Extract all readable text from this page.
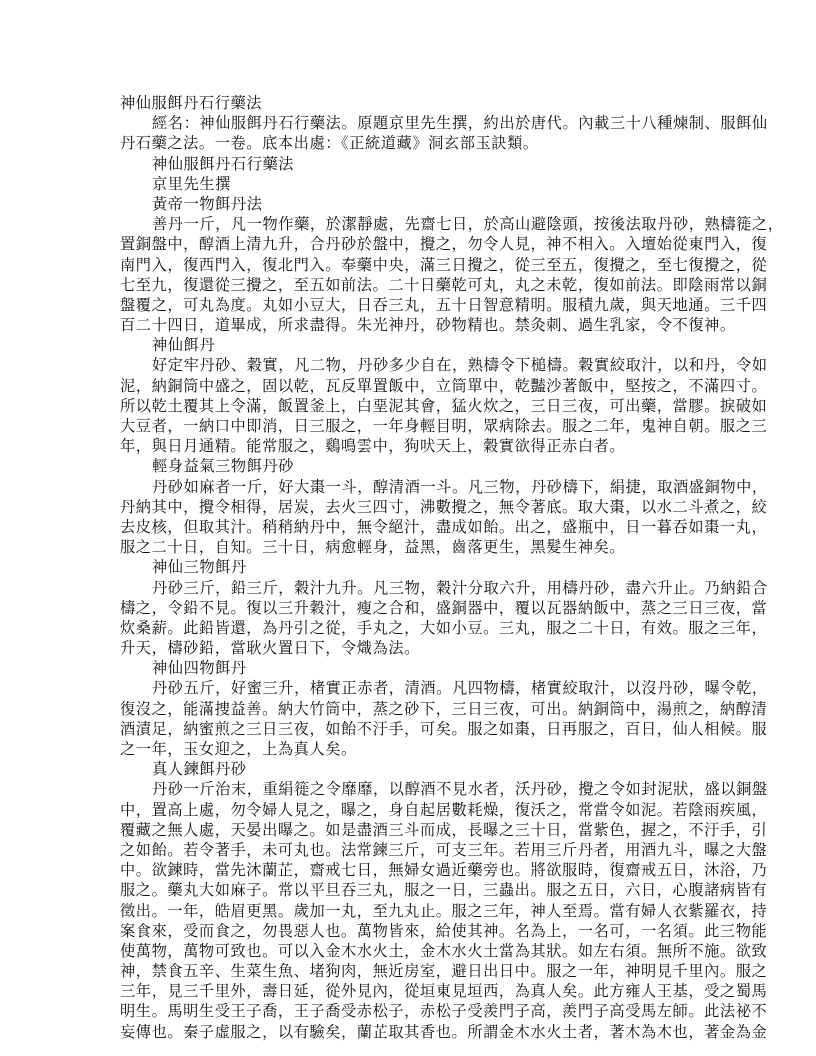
神仙服餌丹石行藥法
經名：神仙服餌丹石行藥法。原題京里先生撰，約出於唐代。內載三十八種煉制、服餌仙
丹石藥之法。一卷。底本出處：《正統道藏》洞玄部玉訣類。
神仙服餌丹石行藥法
京里先生撰
黃帝一物餌丹法
善丹一斤，凡一物作藥，於潔靜處，先齋七日，於高山避陰頭，按後法取丹砂，熟檮簁之，
置銅盤中，醇酒上清九升，合丹砂於盤中，攪之，勿令人見，神不相入。入壇始從東門入，復
南門入，復西門入，復北門入。奉藥中央，滿三日攪之，從三至五，復攪之，至七復攪之，從
七至九，復還從三攪之，至五如前法。二十日藥乾可丸，丸之未乾，復如前法。即陰雨常以銅
盤覆之，可丸為度。丸如小豆大，日吞三丸，五十日智意精明。服積九歲，與天地通。三千四
百二十四日，道畢成，所求盡得。朱光神丹，砂物精也。禁灸刺、過生乳家，令不復神。
神仙餌丹
好定牢丹砂、穀實，凡二物，丹砂多少自在，熟檮令下槌檮。穀實絞取汁，以和丹，令如
泥，納銅筒中盛之，固以乾，瓦反單置飯中，立筒單中，乾豔沙著飯中，堅按之，不滿四寸。
所以乾土覆其上令滿，飯置釜上，白堊泥其會，猛火炊之，三日三夜，可出藥，當膠。捩破如
大豆者，一納口中即消，日三服之，一年身輕目明，眾病除去。服之二年，鬼神自朝。服之三
年，與日月通精。能常服之，鷄鳴雲中，狗吠天上，穀實欲得正赤白者。
輕身益氣三物餌丹砂
丹砂如麻者一斤，好大棗一斗，醇清酒一斗。凡三物，丹砂檮下，絹捷，取酒盛銅物中，
丹納其中，攪令相得，居炭，去火三四寸，沸數攪之，無令著底。取大棗，以水二斗煮之，絞
去皮核，但取其汁。稍稍納丹中，無令絕汁，盡成如飴。出之，盛瓶中，日一暮吞如棗一丸，
服之二十日，自知。三十日，病愈輕身，益黑，齒落更生，黑髮生神矣。
神仙三物餌丹
丹砂三斤，鉛三斤，穀汁九升。凡三物，穀汁分取六升，用檮丹砂，盡六升止。乃納鉛合
檮之，令鉛不見。復以三升穀汁，瘦之合和，盛銅器中，覆以瓦器納飯中，蒸之三日三夜，當
炊桑薪。此鉛皆還，為丹引之從，手丸之，大如小豆。三丸，服之二十日，有效。服之三年，
升天，檮砂鉛，當耿火置日下，令熾為法。
神仙四物餌丹
丹砂五斤，好蜜三升，楮實正赤者，清酒。凡四物檮，楮實絞取汁，以沒丹砂，曝令乾，
復沒之，能滿捜益善。納大竹筒中，蒸之砂下，三日三夜，可出。納銅筒中，湯煎之，納醇清
酒漬足，納蜜煎之三日三夜，如飴不汙手，可矣。服之如棗，日再服之，百日，仙人相候。服
之一年，玉女迎之，上為真人矣。
真人鍊餌丹砂
丹砂一斤治末，重絹簁之令靡靡，以醇酒不見水者，沃丹砂，攪之令如封泥狀，盛以銅盤
中，置高上處，勿令婦人見之，曝之，身自起居數耗燥，復沃之，常當令如泥。若陰雨疾風，
覆藏之無人處，天晏出曝之。如是盡酒三斗而成，長曝之三十日，當紫色，握之，不汙手，引
之如飴。若令著手，未可丸也。法常鍊三斤，可支三年。若用三斤丹者，用酒九斗，曝之大盤
中。欲鍊時，當先沐蘭芷，齋戒七日，無婦女過近藥旁也。將欲服時，復齋戒五日，沐浴，乃
服之。藥丸大如麻子。常以平旦吞三丸，服之一日，三蟲出。服之五日，六日，心腹諸病皆有
徵出。一年，皓眉更黑。歲加一丸，至九丸止。服之三年，神人至焉。當有婦人衣紫羅衣，持
案食來，受而食之，勿畏惡人也。萬物皆來，給使其神。名為上，一名可，一名須。此三物能
使萬物，萬物可致也。可以入金木水火土，金木水火土當為其狀。如左右須。無所不施。欲致
神，禁食五辛、生菜生魚、堵狗肉，無近房室，避日出日中。服之一年，神明見千里內。服之
三年，見三千里外，壽日延，從外見內，從垣東見垣西，為真人矣。此方雍人王基，受之蜀馬
明生。馬明生受王子喬，王子喬受赤松子，赤松子受羨門子高，羨門子高受馬左師。此法祕不
妄傳也。秦子虛服之，以有驗矣，蘭芷取其香也。所謂金木水火土者，著木為木也，著金為金
